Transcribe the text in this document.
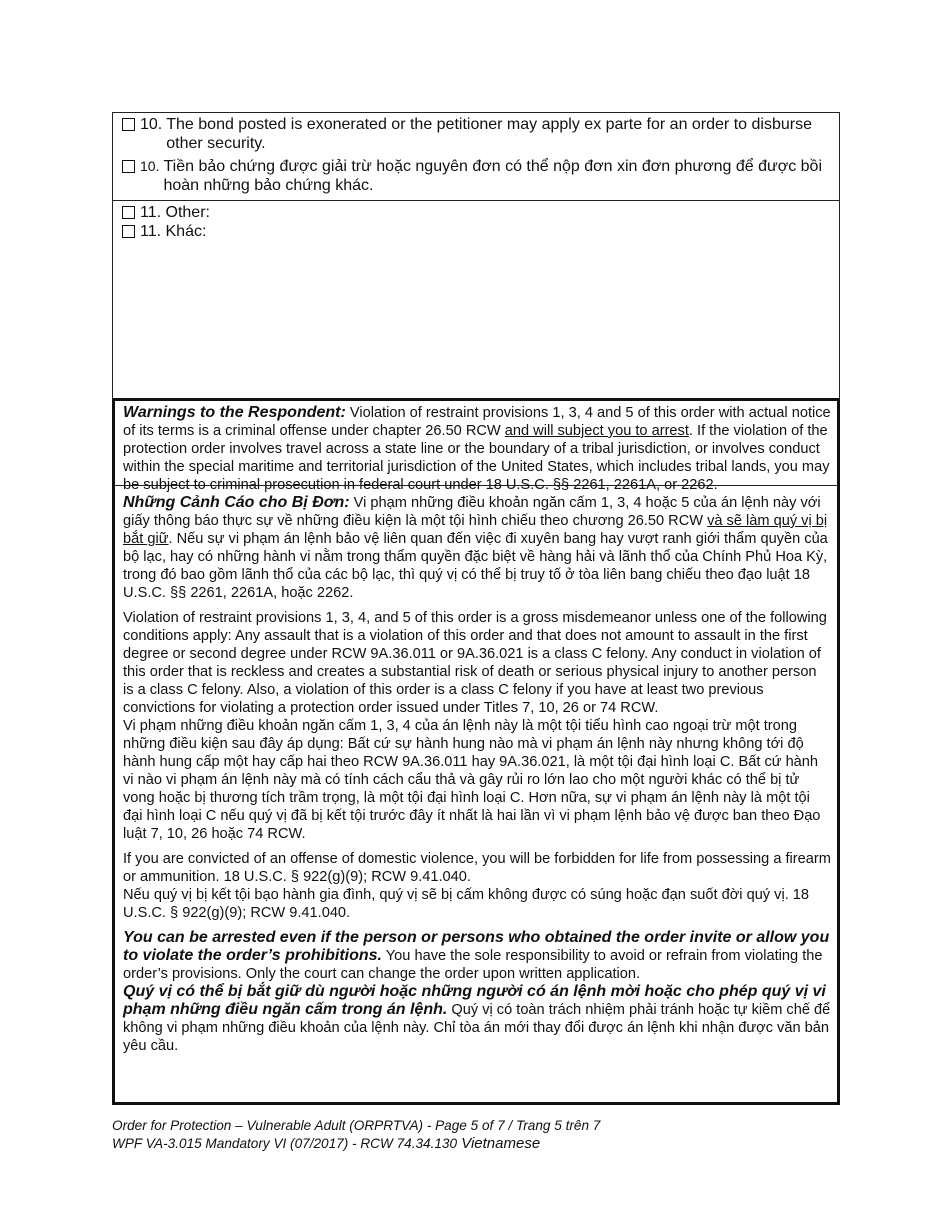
10. The bond posted is exonerated or the petitioner may apply ex parte for an order to disburse other security.
10. Tiền bảo chứng được giải trừ hoặc nguyên đơn có thể nộp đơn xin đơn phương để được bồi hoàn những bảo chứng khác.
11. Other:
11. Khác:

Warnings to the Respondent: Violation of restraint provisions 1, 3, 4 and 5 of this order with actual notice of its terms is a criminal offense under chapter 26.50 RCW and will subject you to arrest. If the violation of the protection order involves travel across a state line or the boundary of a tribal jurisdiction, or involves conduct within the special maritime and territorial jurisdiction of the United States, which includes tribal lands, you may be subject to criminal prosecution in federal court under 18 U.S.C. §§ 2261, 2261A, or 2262.

Những Cảnh Cáo cho Bị Đơn: Vi phạm những điều khoản ngăn cấm 1, 3, 4 hoặc 5 của án lệnh này với giấy thông báo thực sự về những điều kiện là một tội hình chiếu theo chương 26.50 RCW và sẽ làm quý vị bị bắt giữ. Nếu sự vi phạm án lệnh bảo vệ liên quan đến việc đi xuyên bang hay vượt ranh giới thẩm quyền của bộ lạc, hay có những hành vi nằm trong thẩm quyền đặc biệt về hàng hải và lãnh thổ của Chính Phủ Hoa Kỳ, trong đó bao gồm lãnh thổ của các bộ lạc, thì quý vị có thể bị truy tố ở tòa liên bang chiếu theo đạo luật 18 U.S.C. §§ 2261, 2261A, hoặc 2262.

Violation of restraint provisions 1, 3, 4, and 5 of this order is a gross misdemeanor unless one of the following conditions apply: Any assault that is a violation of this order and that does not amount to assault in the first degree or second degree under RCW 9A.36.011 or 9A.36.021 is a class C felony. Any conduct in violation of this order that is reckless and creates a substantial risk of death or serious physical injury to another person is a class C felony. Also, a violation of this order is a class C felony if you have at least two previous convictions for violating a protection order issued under Titles 7, 10, 26 or 74 RCW.

Vi phạm những điều khoản ngăn cấm 1, 3, 4 của án lệnh này là một tội tiểu hình cao ngoại trừ một trong những điều kiện sau đây áp dụng: Bất cứ sự hành hung nào mà vi phạm án lệnh này nhưng không tới độ hành hung cấp một hay cấp hai theo RCW 9A.36.011 hay 9A.36.021, là một tội đại hình loại C. Bất cứ hành vi nào vi phạm án lệnh này mà có tính cách cẩu thả và gây rủi ro lớn lao cho một người khác có thể bị tử vong hoặc bị thương tích trầm trọng, là một tội đại hình loại C. Hơn nữa, sự vi phạm án lệnh này là một tội đại hình loại C nếu quý vị đã bị kết tội trước đây ít nhất là hai lần vì vi phạm lệnh bảo vệ được ban theo Đạo luật 7, 10, 26 hoặc 74 RCW.

If you are convicted of an offense of domestic violence, you will be forbidden for life from possessing a firearm or ammunition. 18 U.S.C. § 922(g)(9); RCW 9.41.040.

Nếu quý vị bị kết tội bạo hành gia đình, quý vị sẽ bị cấm không được có súng hoặc đạn suốt đời quý vị. 18 U.S.C. § 922(g)(9); RCW 9.41.040.

You can be arrested even if the person or persons who obtained the order invite or allow you to violate the order’s prohibitions. You have the sole responsibility to avoid or refrain from violating the order’s provisions. Only the court can change the order upon written application.

Quý vị có thể bị bắt giữ dù người hoặc những người có án lệnh mời hoặc cho phép quý vị vi phạm những điều ngăn cấm trong án lệnh. Quý vị có toàn trách nhiệm phải tránh hoặc tự kiềm chế để không vi phạm những điều khoản của lệnh này. Chỉ tòa án mới thay đổi được án lệnh khi nhận được văn bản yêu cầu.

Order for Protection – Vulnerable Adult (ORPRTVA) - Page 5 of 7 / Trang 5 trên 7
WPF VA-3.015 Mandatory VI (07/2017) - RCW 74.34.130 Vietnamese
